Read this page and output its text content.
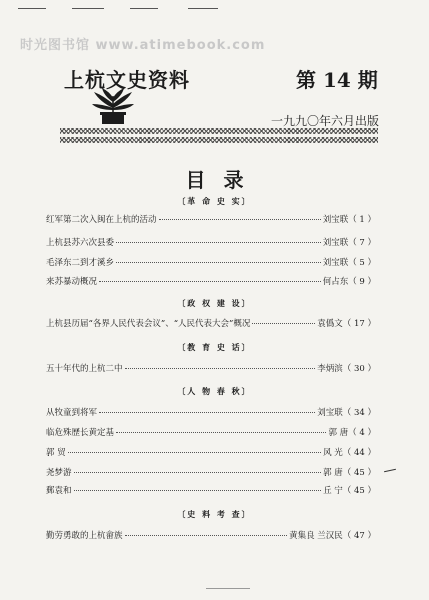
时光图书馆 www.atimebook.com
上杭文史资料	第 14 期
一九九〇年六月出版
目录
〔革 命 史 实〕
红军第二次入闽在上杭的活动	刘宝联（ 1 ）
上杭县苏六次县委	刘宝联（ 7 ）
毛泽东二到才溪乡	刘宝联（ 5 ）
来苏暴动概况	何占东（ 9 ）
〔政 权 建 设〕
上杭县历届“各界人民代表会议”、“人民代表大会”概况	袁僞文（ 17 ）
〔教 育 史 话〕
五十年代的上杭二中	李炳滨（ 30 ）
〔人 物 春 秋〕
从牧童到将军	刘宝联（ 34 ）
临危殊歷长黄定基	郭 唐（ 4 ）
郭 贸	风 光（ 44 ）
尧梦游	郭 唐（ 45 ）
郵袁和	丘 宁（ 45 ）
〔史 料 考 查〕
勤劳勇敢的上杭畲族	黄集良 兰汉民（ 47 ）
